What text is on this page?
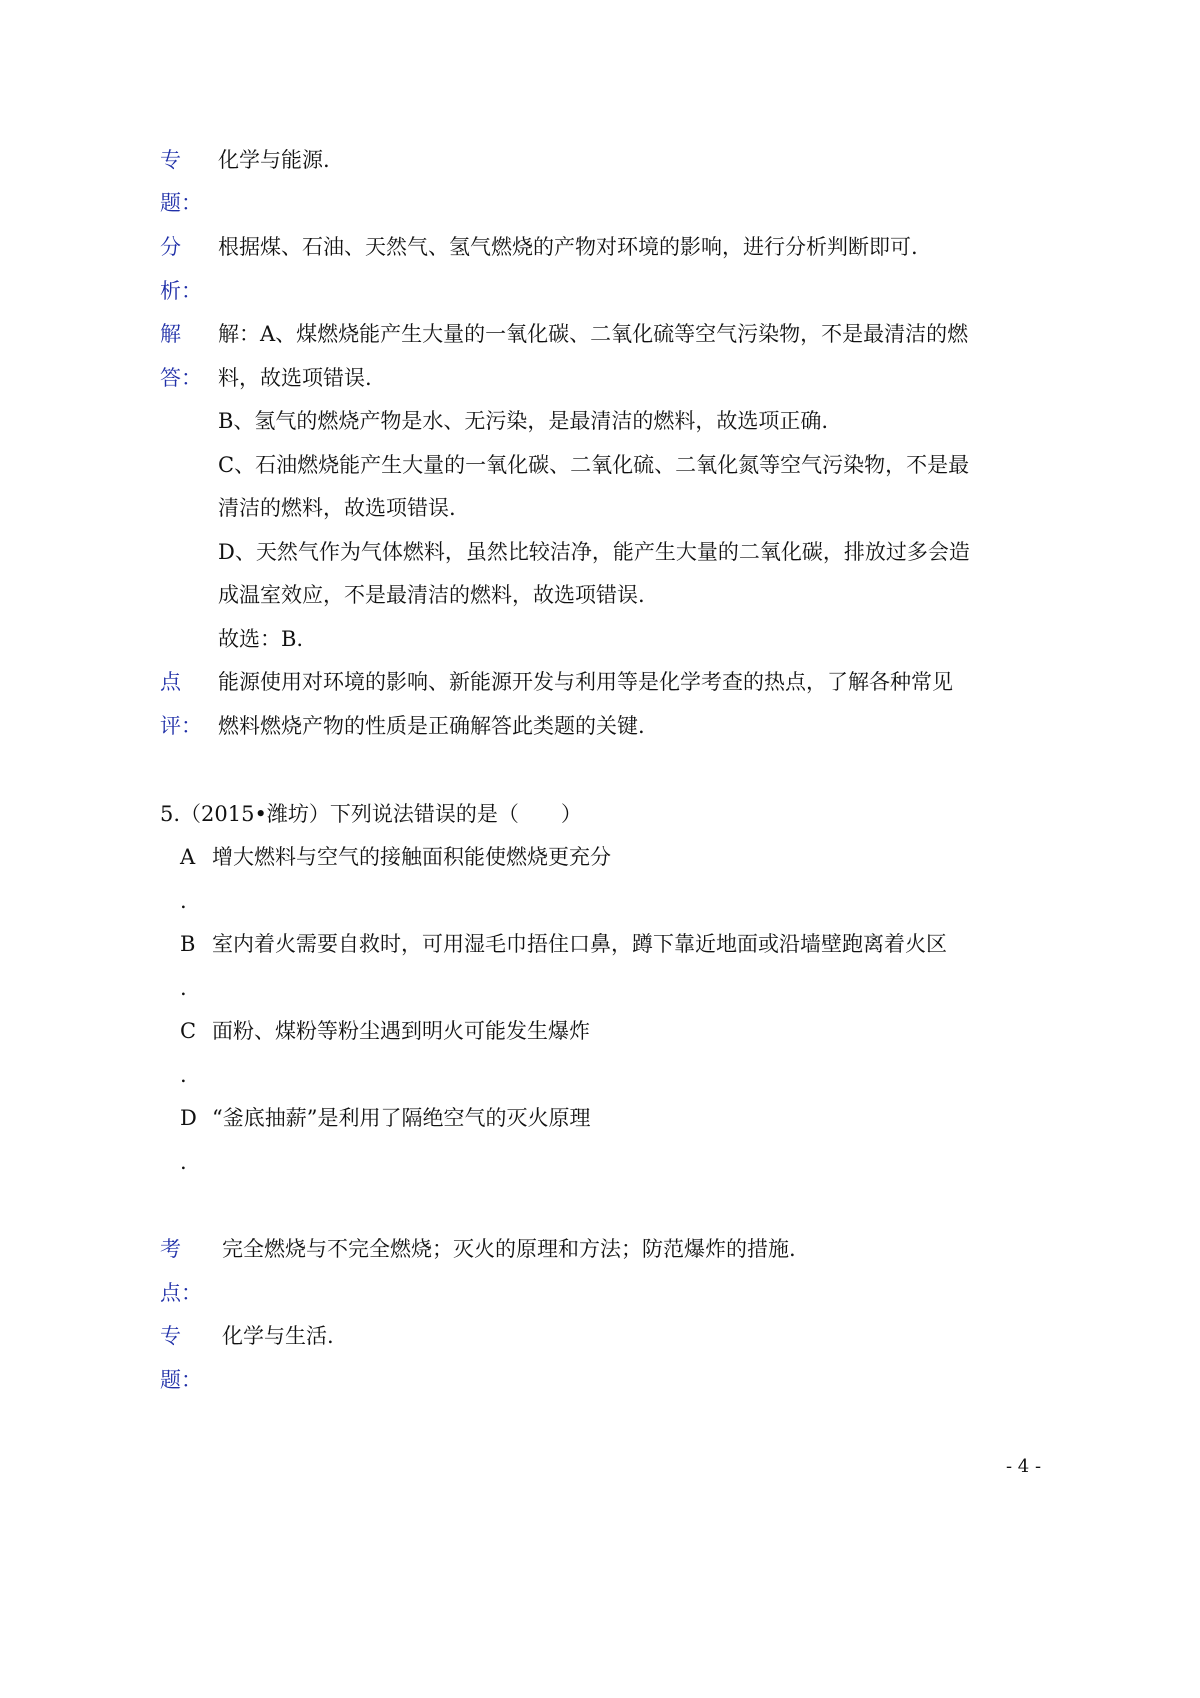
专
题：
化学与能源.
分
析：
根据煤、石油、天然气、氢气燃烧的产物对环境的影响，进行分析判断即可.
解
答：
解：A、煤燃烧能产生大量的一氧化碳、二氧化硫等空气污染物，不是最清洁的燃
料，故选项错误.
B、氢气的燃烧产物是水、无污染，是最清洁的燃料，故选项正确.
C、石油燃烧能产生大量的一氧化碳、二氧化硫、二氧化氮等空气污染物，不是最
清洁的燃料，故选项错误.
D、天然气作为气体燃料，虽然比较洁净，能产生大量的二氧化碳，排放过多会造
成温室效应，不是最清洁的燃料，故选项错误.
故选：B.
点
评：
能源使用对环境的影响、新能源开发与利用等是化学考查的热点，了解各种常见
燃料燃烧产物的性质是正确解答此类题的关键.
5.（2015•潍坊）下列说法错误的是（　　）
A 增大燃料与空气的接触面积能使燃烧更充分
.
B 室内着火需要自救时，可用湿毛巾捂住口鼻，蹲下靠近地面或沿墙壁跑离着火区
.
C 面粉、煤粉等粉尘遇到明火可能发生爆炸
.
D “釜底抽薪”是利用了隔绝空气的灭火原理
.
考
点：
完全燃烧与不完全燃烧；灭火的原理和方法；防范爆炸的措施.
专
题：
化学与生活.
- 4 -
